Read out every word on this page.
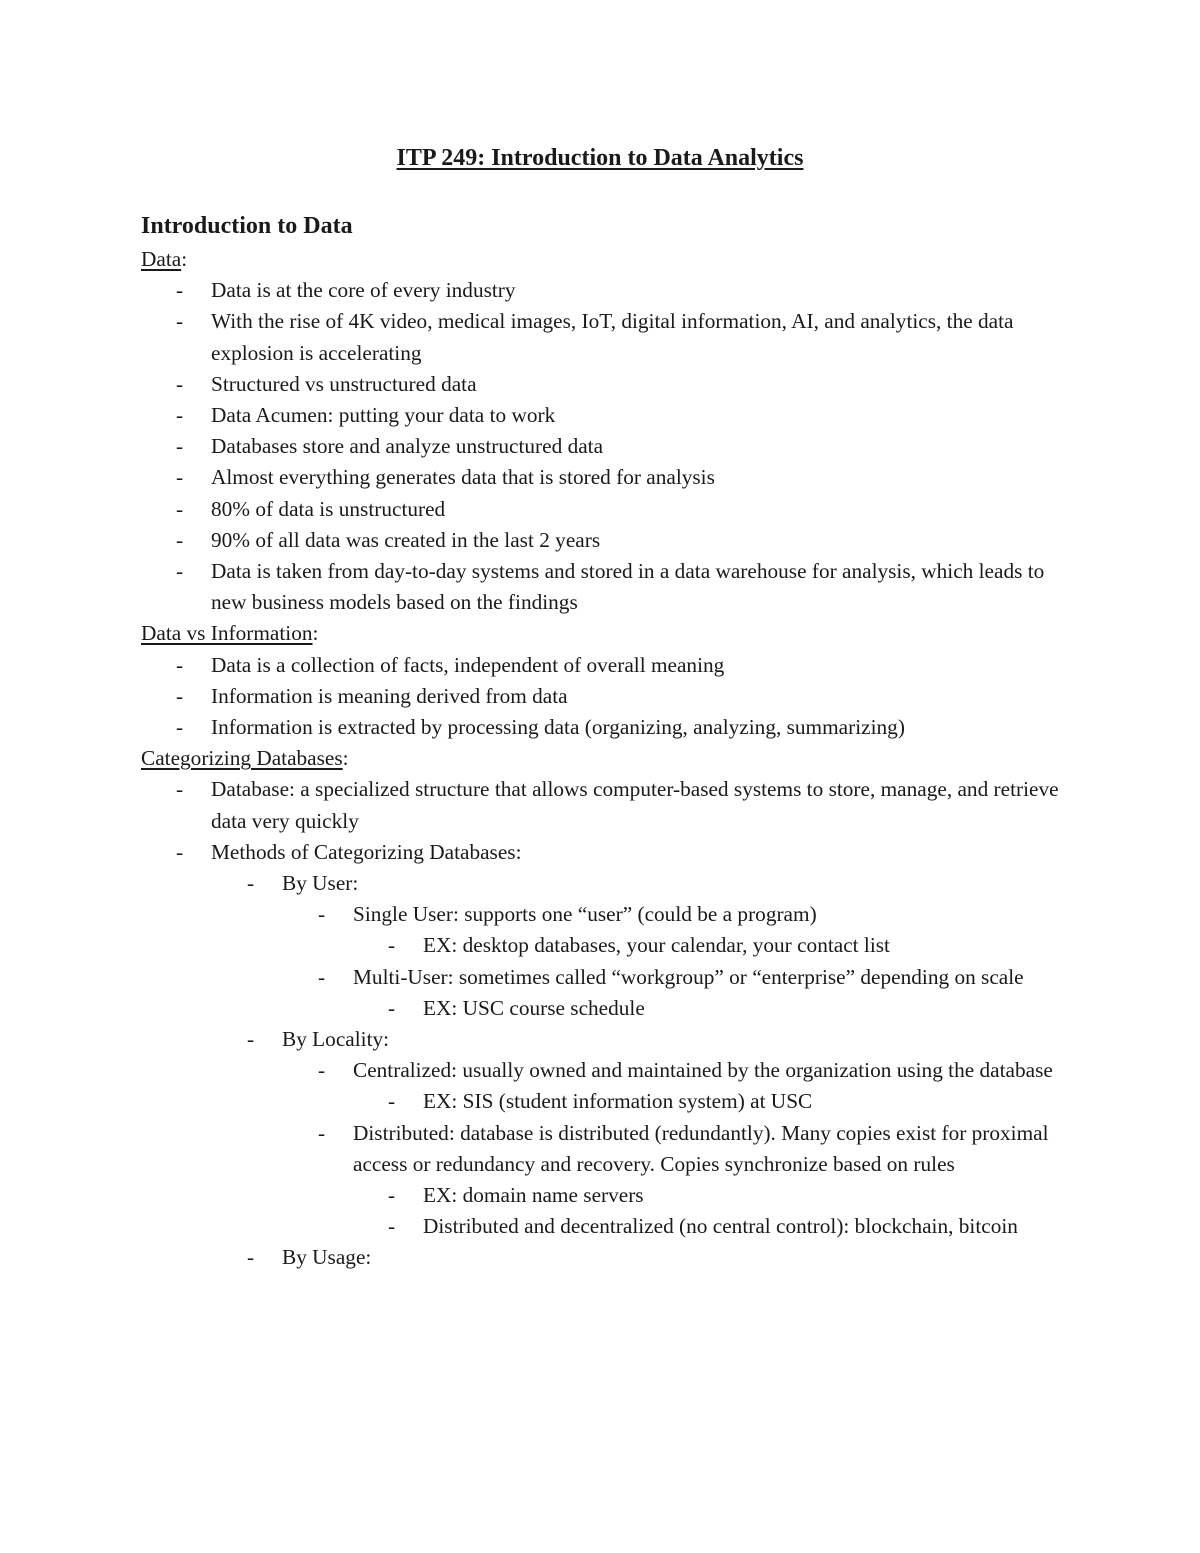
ITP 249: Introduction to Data Analytics
Introduction to Data
Data:
- Data is at the core of every industry
- With the rise of 4K video, medical images, IoT, digital information, AI, and analytics, the data explosion is accelerating
- Structured vs unstructured data
- Data Acumen: putting your data to work
- Databases store and analyze unstructured data
- Almost everything generates data that is stored for analysis
- 80% of data is unstructured
- 90% of all data was created in the last 2 years
- Data is taken from day-to-day systems and stored in a data warehouse for analysis, which leads to new business models based on the findings
Data vs Information:
- Data is a collection of facts, independent of overall meaning
- Information is meaning derived from data
- Information is extracted by processing data (organizing, analyzing, summarizing)
Categorizing Databases:
- Database: a specialized structure that allows computer-based systems to store, manage, and retrieve data very quickly
- Methods of Categorizing Databases:
- By User:
- Single User: supports one “user” (could be a program)
- EX: desktop databases, your calendar, your contact list
- Multi-User: sometimes called “workgroup” or “enterprise” depending on scale
- EX: USC course schedule
- By Locality:
- Centralized: usually owned and maintained by the organization using the database
- EX: SIS (student information system) at USC
- Distributed: database is distributed (redundantly). Many copies exist for proximal access or redundancy and recovery. Copies synchronize based on rules
- EX: domain name servers
- Distributed and decentralized (no central control): blockchain, bitcoin
- By Usage:
